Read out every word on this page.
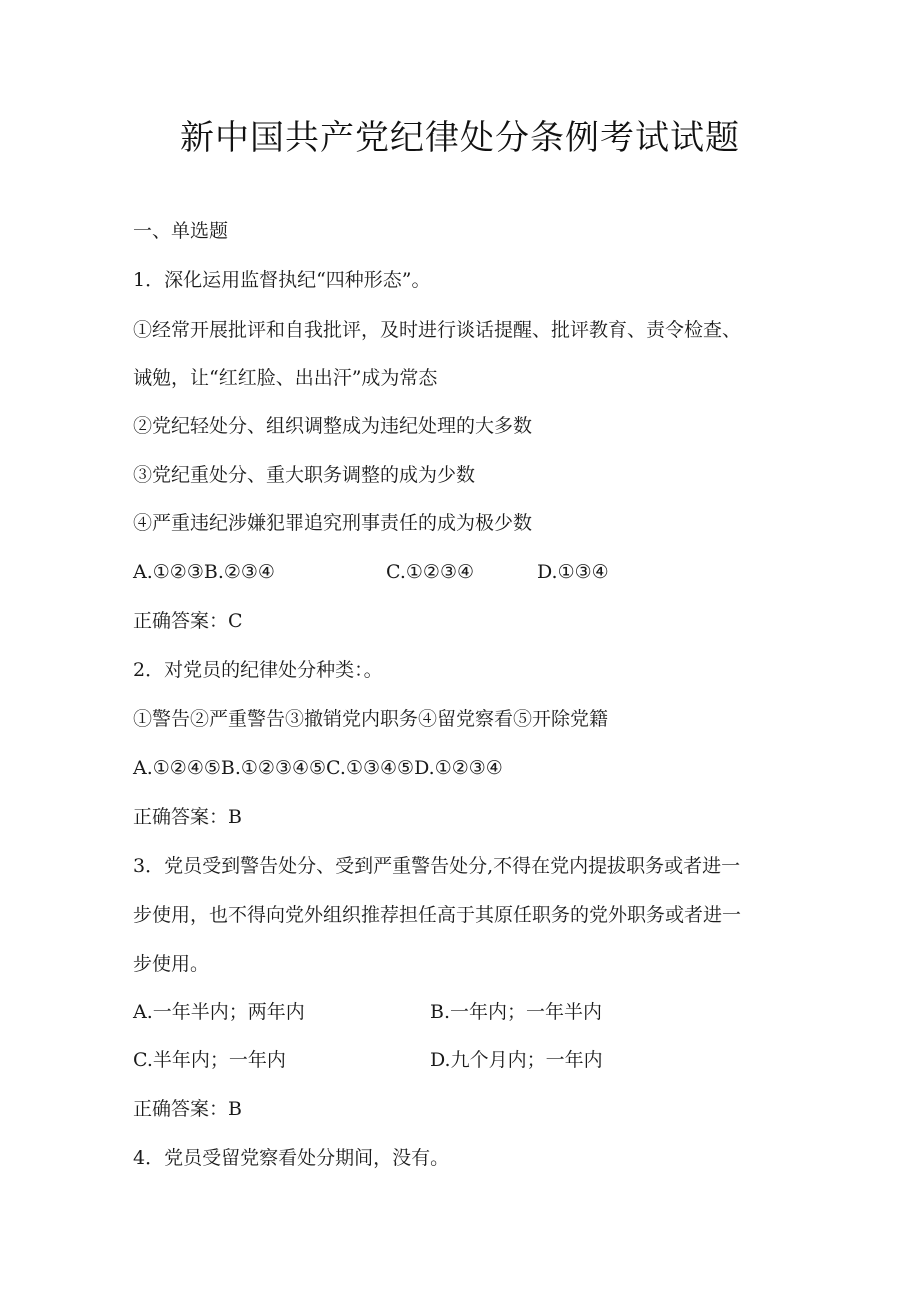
新中国共产党纪律处分条例考试试题
一、单选题
1．深化运用监督执纪“四种形态”。
①经常开展批评和自我批评，及时进行谈话提醒、批评教育、责令检查、
诫勉，让“红红脸、出出汗”成为常态
②党纪轻处分、组织调整成为违纪处理的大多数
③党纪重处分、重大职务调整的成为少数
④严重违纪涉嫌犯罪追究刑事责任的成为极少数
A.①②③B.②③④	C.①②③④	D.①③④
正确答案：C
2．对党员的纪律处分种类：。
①警告②严重警告③撤销党内职务④留党察看⑤开除党籍
A.①②④⑤B.①②③④⑤C.①③④⑤D.①②③④
正确答案：B
3．党员受到警告处分、受到严重警告处分,不得在党内提拔职务或者进一
步使用，也不得向党外组织推荐担任高于其原任职务的党外职务或者进一
步使用。
A.一年半内；两年内	B.一年内；一年半内
C.半年内；一年内	D.九个月内；一年内
正确答案：B
4．党员受留党察看处分期间，没有。
